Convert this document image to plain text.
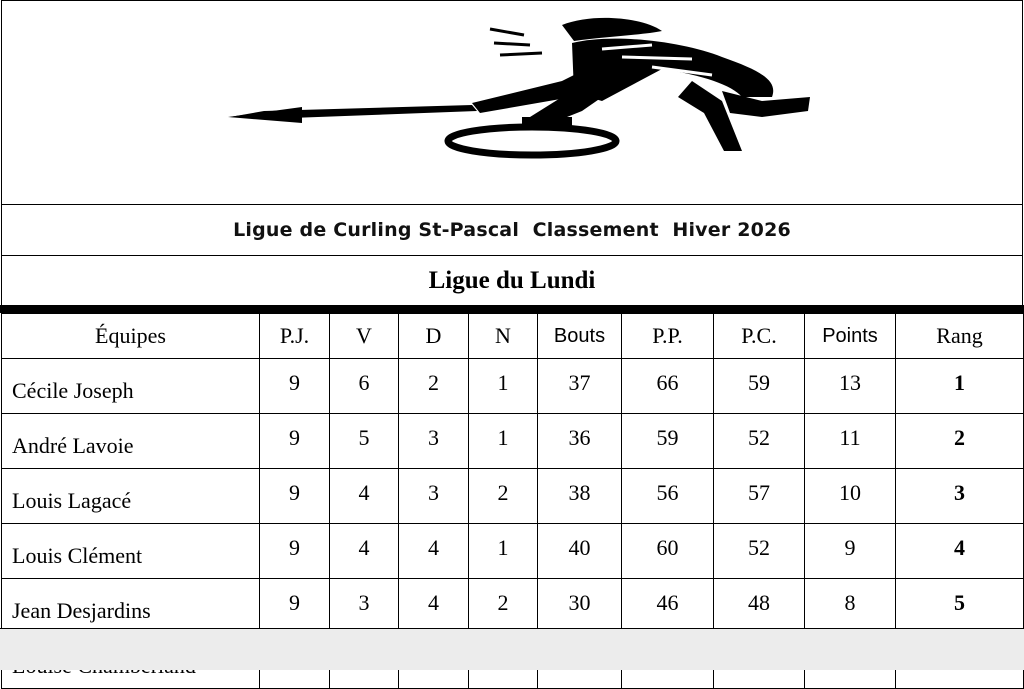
Ligue de Curling St-Pascal  Classement  Hiver 2026
Ligue du Lundi
Équipes	P.J.	V	D	N	Bouts	P.P.	P.C.	Points	Rang
Cécile Joseph	9	6	2	1	37	66	59	13	1
André Lavoie	9	5	3	1	36	59	52	11	2
Louis Lagacé	9	4	3	2	38	56	57	10	3
Louis Clément	9	4	4	1	40	60	52	9	4
Jean Desjardins	9	3	4	2	30	46	48	8	5
